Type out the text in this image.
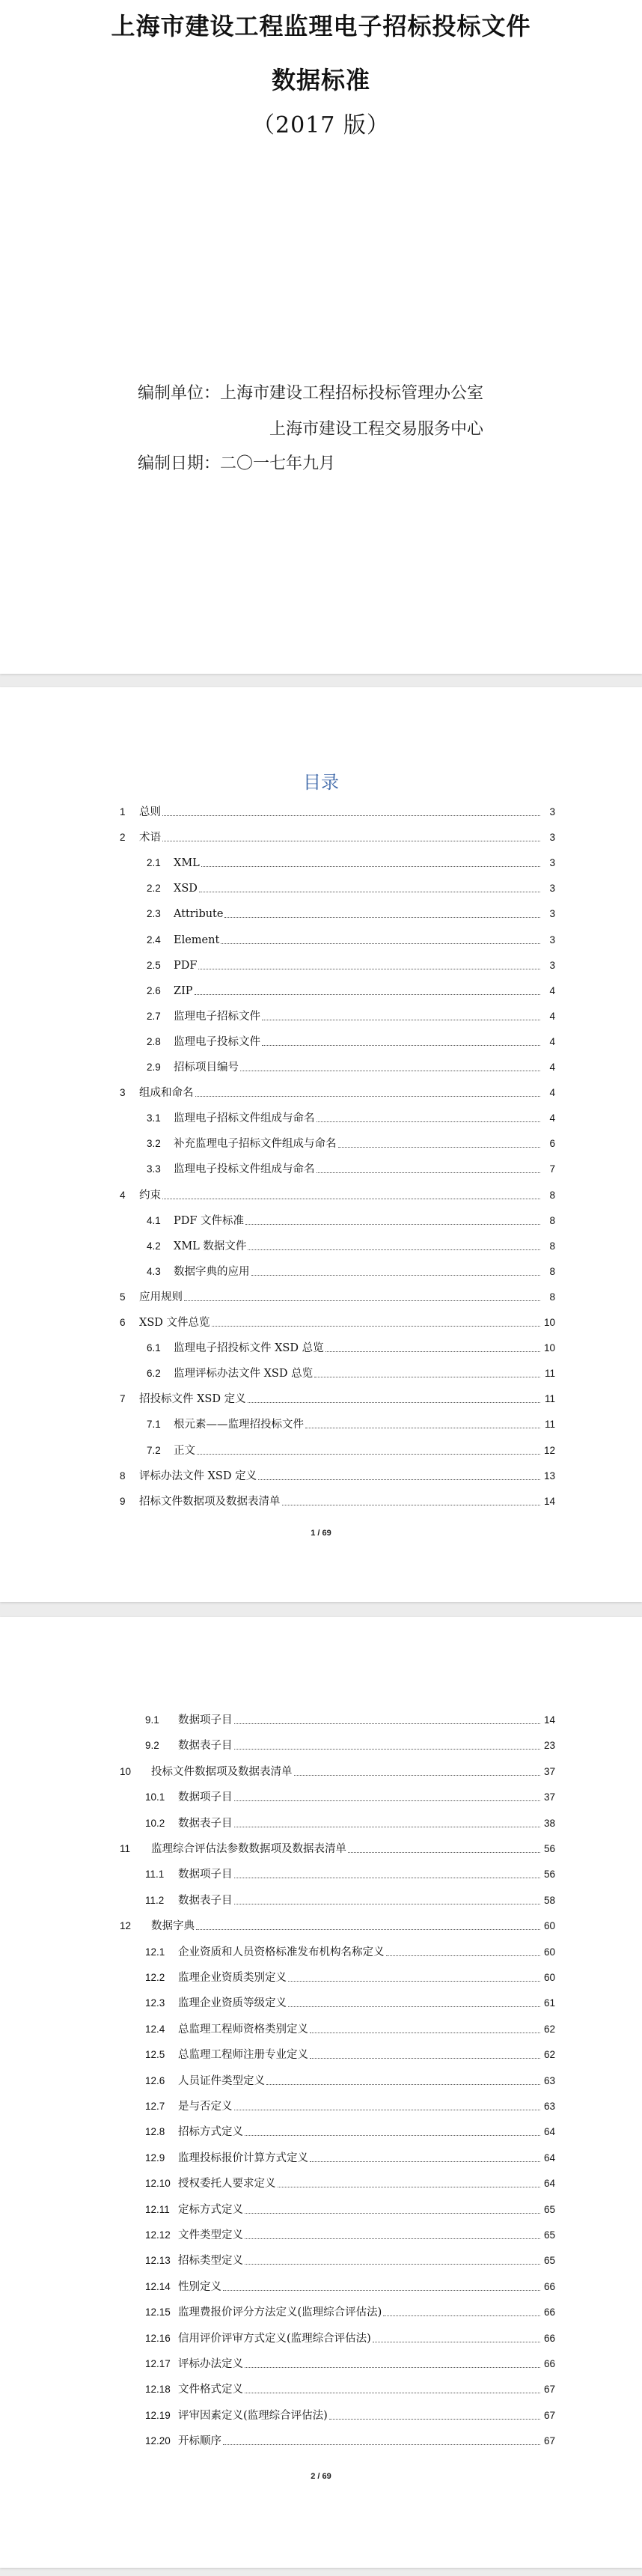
上海市建设工程监理电子招标投标文件
数据标准
（2017 版）
编制单位：上海市建设工程招标投标管理办公室
上海市建设工程交易服务中心
编制日期：二〇一七年九月
目录
1 总则	3
2 术语	3
2.1 XML	3
2.2 XSD	3
2.3 Attribute	3
2.4 Element	3
2.5 PDF	3
2.6 ZIP	4
2.7 监理电子招标文件	4
2.8 监理电子投标文件	4
2.9 招标项目编号	4
3 组成和命名	4
3.1 监理电子招标文件组成与命名	4
3.2 补充监理电子招标文件组成与命名	6
3.3 监理电子投标文件组成与命名	7
4 约束	8
4.1 PDF 文件标准	8
4.2 XML 数据文件	8
4.3 数据字典的应用	8
5 应用规则	8
6 XSD 文件总览	10
6.1 监理电子招投标文件 XSD 总览	10
6.2 监理评标办法文件 XSD 总览	11
7 招投标文件 XSD 定义	11
7.1 根元素——监理招投标文件	11
7.2 正文	12
8 评标办法文件 XSD 定义	13
9 招标文件数据项及数据表清单	14
1 / 69
9.1 数据项子目	14
9.2 数据表子目	23
10 投标文件数据项及数据表清单	37
10.1 数据项子目	37
10.2 数据表子目	38
11 监理综合评估法参数数据项及数据表清单	56
11.1 数据项子目	56
11.2 数据表子目	58
12 数据字典	60
12.1 企业资质和人员资格标准发布机构名称定义	60
12.2 监理企业资质类别定义	60
12.3 监理企业资质等级定义	61
12.4 总监理工程师资格类别定义	62
12.5 总监理工程师注册专业定义	62
12.6 人员证件类型定义	63
12.7 是与否定义	63
12.8 招标方式定义	64
12.9 监理投标报价计算方式定义	64
12.10 授权委托人要求定义	64
12.11 定标方式定义	65
12.12 文件类型定义	65
12.13 招标类型定义	65
12.14 性别定义	66
12.15 监理费报价评分方法定义(监理综合评估法)	66
12.16 信用评价评审方式定义(监理综合评估法)	66
12.17 评标办法定义	66
12.18 文件格式定义	67
12.19 评审因素定义(监理综合评估法)	67
12.20 开标顺序	67
2 / 69
